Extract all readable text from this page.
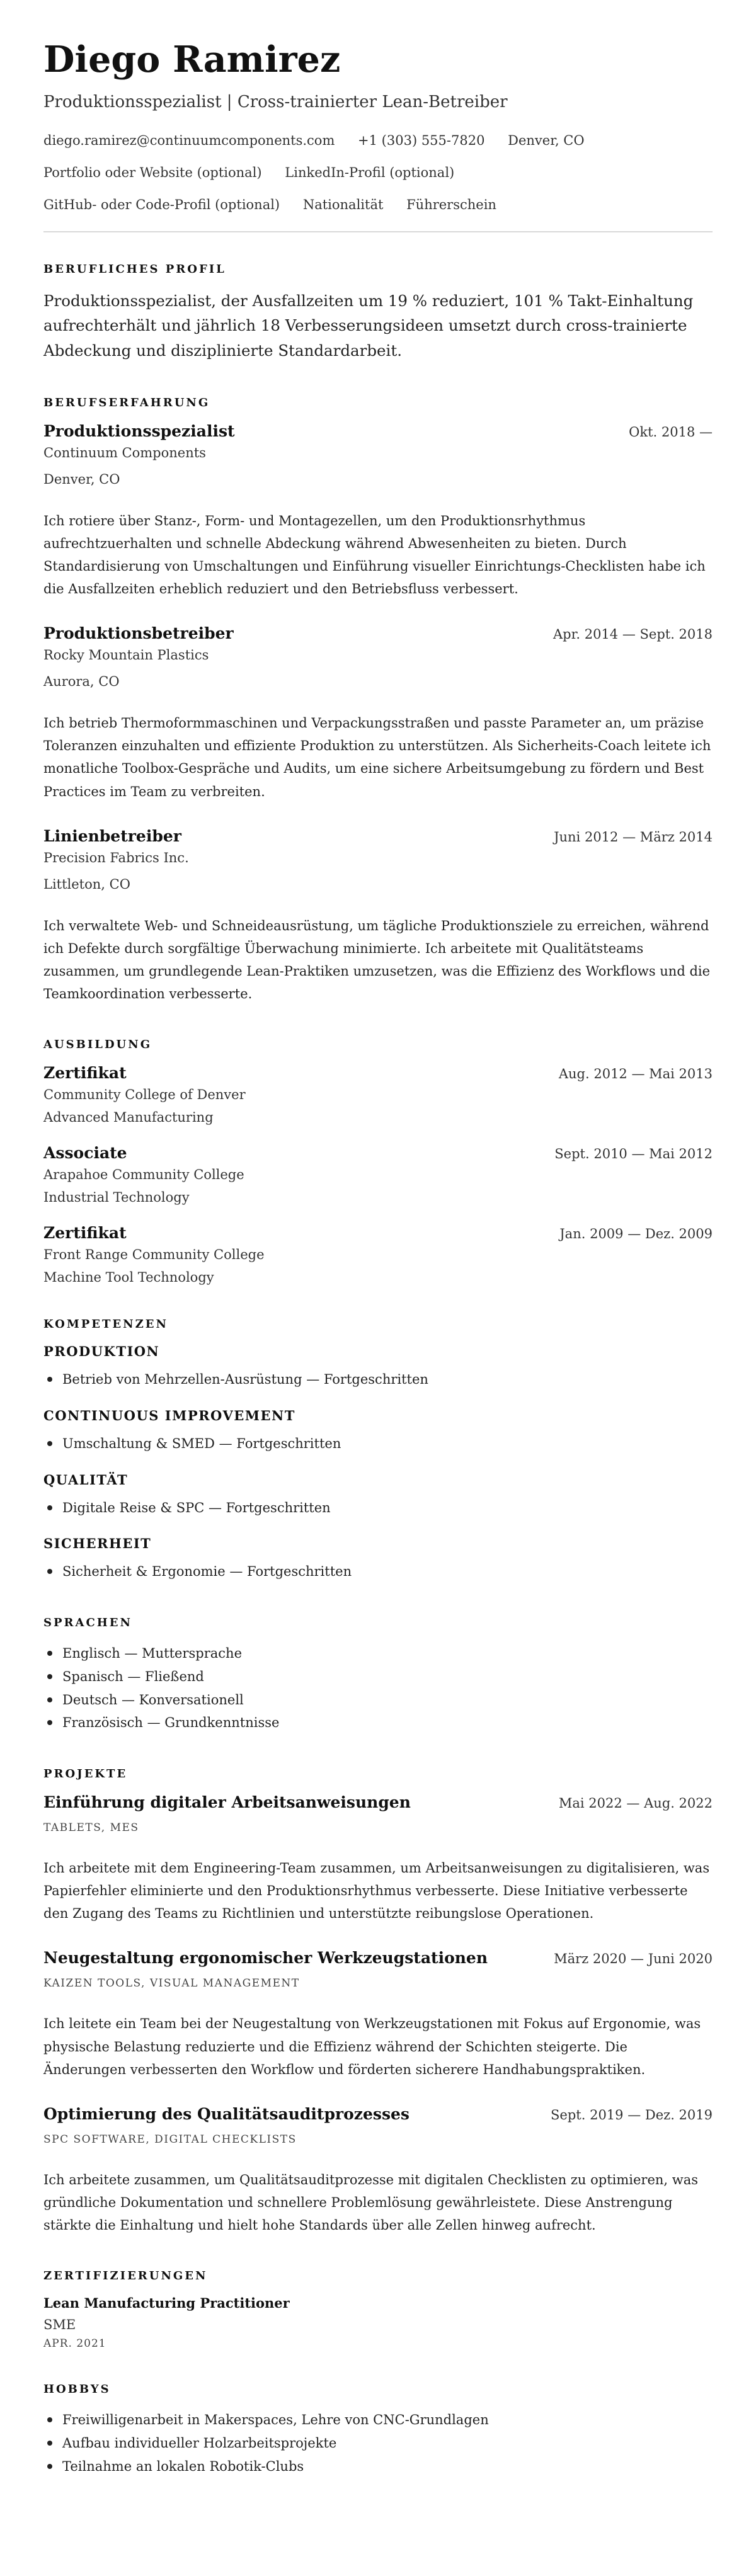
Diego Ramirez
Produktionsspezialist | Cross-trainierter Lean-Betreiber
diego.ramirez@continuumcomponents.com +1 (303) 555-7820 Denver, CO
Portfolio oder Website (optional) LinkedIn-Profil (optional)
GitHub- oder Code-Profil (optional) Nationalität Führerschein
BERUFLICHES PROFIL

Produktionsspezialist, der Ausfallzeiten um 19 % reduziert, 101 % Takt-Einhaltung aufrechterhält und jährlich 18 Verbesserungsideen umsetzt durch cross-trainierte Abdeckung und disziplinierte Standardarbeit.

BERUFSERFAHRUNG
Produktionsspezialist	Okt. 2018 —
Continuum Components
Denver, CO
Ich rotiere über Stanz-, Form- und Montagezellen, um den Produktionsrhythmus aufrechtzuerhalten und schnelle Abdeckung während Abwesenheiten zu bieten. Durch Standardisierung von Umschaltungen und Einführung visueller Einrichtungs-Checklisten habe ich die Ausfallzeiten erheblich reduziert und den Betriebsfluss verbessert.
Produktionsbetreiber	Apr. 2014 — Sept. 2018
Rocky Mountain Plastics
Aurora, CO
Ich betrieb Thermoformmaschinen und Verpackungsstraßen und passte Parameter an, um präzise Toleranzen einzuhalten und effiziente Produktion zu unterstützen. Als Sicherheits-Coach leitete ich monatliche Toolbox-Gespräche und Audits, um eine sichere Arbeitsumgebung zu fördern und Best Practices im Team zu verbreiten.
Linienbetreiber	Juni 2012 — März 2014
Precision Fabrics Inc.
Littleton, CO
Ich verwaltete Web- und Schneideausrüstung, um tägliche Produktionsziele zu erreichen, während ich Defekte durch sorgfältige Überwachung minimierte. Ich arbeitete mit Qualitätsteams zusammen, um grundlegende Lean-Praktiken umzusetzen, was die Effizienz des Workflows und die Teamkoordination verbesserte.
AUSBILDUNG
Zertifikat	Aug. 2012 — Mai 2013
Community College of Denver
Advanced Manufacturing
Associate	Sept. 2010 — Mai 2012
Arapahoe Community College
Industrial Technology
Zertifikat	Jan. 2009 — Dez. 2009
Front Range Community College
Machine Tool Technology
KOMPETENZEN
PRODUKTION
Betrieb von Mehrzellen-Ausrüstung — Fortgeschritten
CONTINUOUS IMPROVEMENT
Umschaltung & SMED — Fortgeschritten
QUALITÄT
Digitale Reise & SPC — Fortgeschritten
SICHERHEIT
Sicherheit & Ergonomie — Fortgeschritten
SPRACHEN
Englisch — Muttersprache
Spanisch — Fließend
Deutsch — Konversationell
Französisch — Grundkenntnisse
PROJEKTE
Einführung digitaler Arbeitsanweisungen	Mai 2022 — Aug. 2022
TABLETS, MES
Ich arbeitete mit dem Engineering-Team zusammen, um Arbeitsanweisungen zu digitalisieren, was Papierfehler eliminierte und den Produktionsrhythmus verbesserte. Diese Initiative verbesserte den Zugang des Teams zu Richtlinien und unterstützte reibungslose Operationen.
Neugestaltung ergonomischer Werkzeugstationen	März 2020 — Juni 2020
KAIZEN TOOLS, VISUAL MANAGEMENT
Ich leitete ein Team bei der Neugestaltung von Werkzeugstationen mit Fokus auf Ergonomie, was physische Belastung reduzierte und die Effizienz während der Schichten steigerte. Die Änderungen verbesserten den Workflow und förderten sicherere Handhabungspraktiken.
Optimierung des Qualitätsauditprozesses	Sept. 2019 — Dez. 2019
SPC SOFTWARE, DIGITAL CHECKLISTS
Ich arbeitete zusammen, um Qualitätsauditprozesse mit digitalen Checklisten zu optimieren, was gründliche Dokumentation und schnellere Problemlösung gewährleistete. Diese Anstrengung stärkte die Einhaltung und hielt hohe Standards über alle Zellen hinweg aufrecht.
ZERTIFIZIERUNGEN
Lean Manufacturing Practitioner
SME
APR. 2021
HOBBYS
Freiwilligenarbeit in Makerspaces, Lehre von CNC-Grundlagen
Aufbau individueller Holzarbeitsprojekte
Teilnahme an lokalen Robotik-Clubs
